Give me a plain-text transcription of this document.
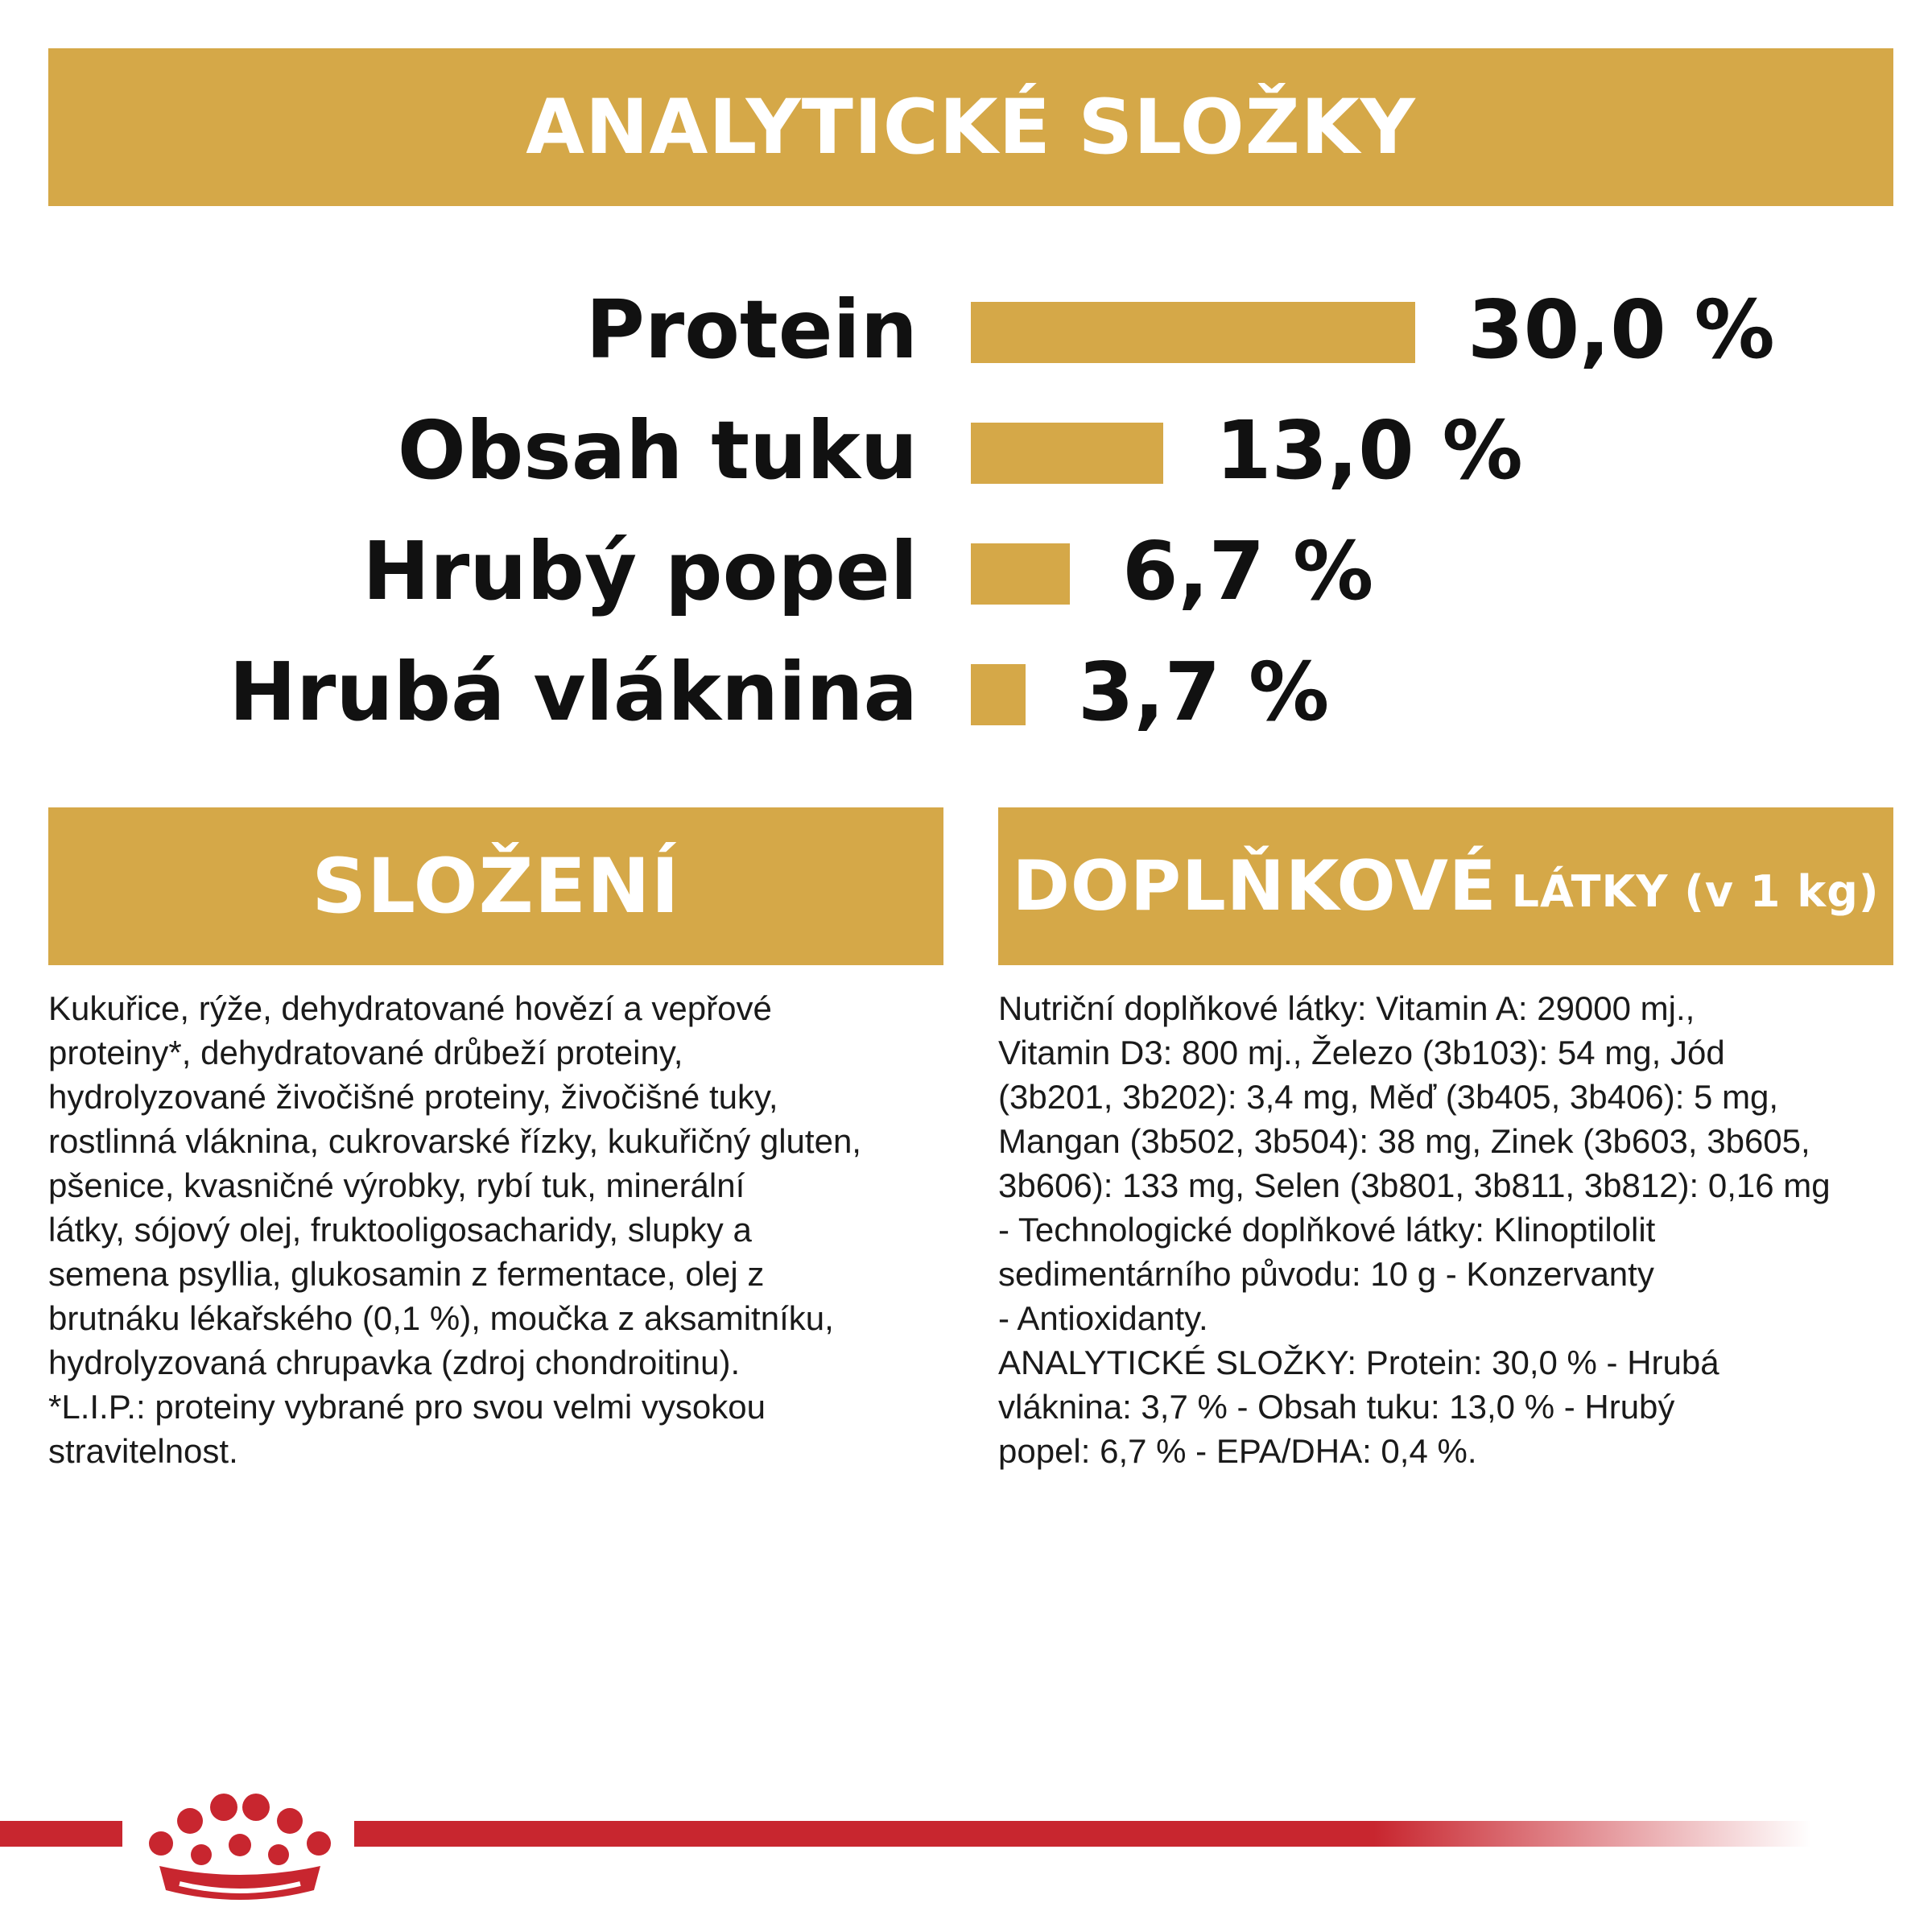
ANALYTICKÉ SLOŽKY
Protein	30,0 %
Obsah tuku	13,0 %
Hrubý popel	6,7 %
Hrubá vláknina 3,7 %
SLOŽENÍ	DOPLŇKOVÉ LÁTKY (v 1 kg)

Kukuřice, rýže, dehydratované hovězí a vepřové

proteiny*, dehydratované drůbeží proteiny,

hydrolyzované živočišné proteiny, živočišné tuky,

rostlinná vláknina, cukrovarské řízky, kukuřičný gluten,

pšenice, kvasničné výrobky, rybí tuk, minerální

látky, sójový olej, fruktooligosacharidy, slupky a

semena psyllia, glukosamin z fermentace, olej z

brutnáku lékařského (0,1 %), moučka z aksamitníku,

hydrolyzovaná chrupavka (zdroj chondroitinu).

*L.I.P.: proteiny vybrané pro svou velmi vysokou

stravitelnost.

Nutriční doplňkové látky: Vitamin A: 29000 mj.,

Vitamin D3: 800 mj., Železo (3b103): 54 mg, Jód

(3b201, 3b202): 3,4 mg, Měď (3b405, 3b406): 5 mg,

Mangan (3b502, 3b504): 38 mg, Zinek (3b603, 3b605,

3b606): 133 mg, Selen (3b801, 3b811, 3b812): 0,16 mg

- Technologické doplňkové látky: Klinoptilolit

sedimentárního původu: 10 g - Konzervanty

- Antioxidanty.

ANALYTICKÉ SLOŽKY: Protein: 30,0 % - Hrubá

vláknina: 3,7 % - Obsah tuku: 13,0 % - Hrubý

popel: 6,7 % - EPA/DHA: 0,4 %.
